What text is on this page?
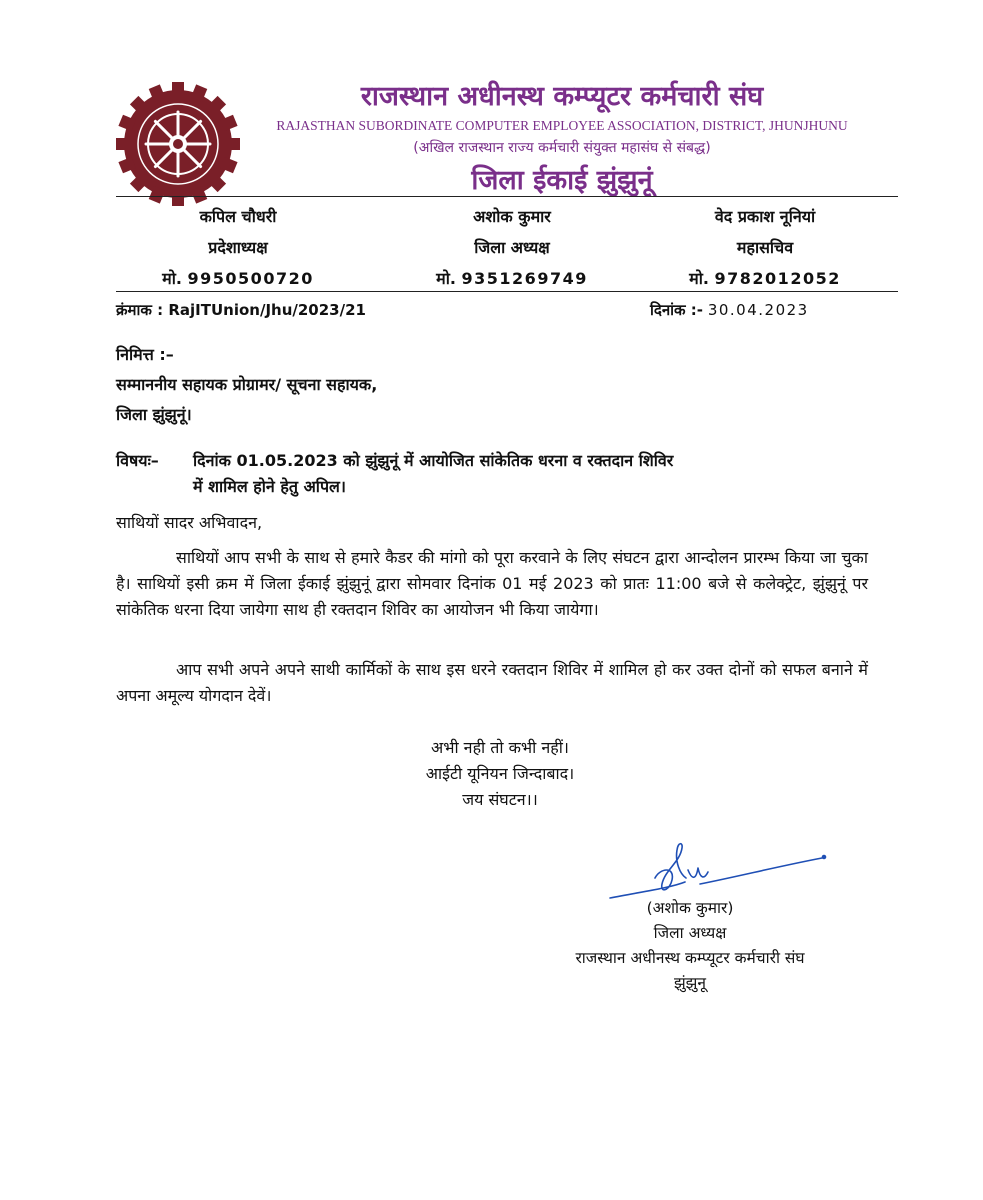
राजस्थान अधीनस्थ कम्प्यूटर कर्मचारी संघ
RAJASTHAN SUBORDINATE COMPUTER EMPLOYEE ASSOCIATION, DISTRICT, JHUNJHUNU
(अखिल राजस्थान राज्य कर्मचारी संयुक्त महासंघ से संबद्ध)
जिला ईकाई झुंझुनूं
कपिल चौधरी
प्रदेशाध्यक्ष
मो. 9950500720
अशोक कुमार
जिला अध्यक्ष
मो. 9351269749
वेद प्रकाश नूनियां
महासचिव
मो. 9782012052
क्रंमाक : RajITUnion/Jhu/2023/21	दिनांक :- 30.04.2023
निमित्त :–
सम्माननीय सहायक प्रोग्रामर/ सूचना सहायक,
जिला झुंझुनूं।
विषयः– दिनांक 01.05.2023 को झुंझुनूं में आयोजित सांकेतिक धरना व रक्तदान शिविर
में शामिल होने हेतु अपिल।
साथियों सादर अभिवादन,
साथियों आप सभी के साथ से हमारे कैडर की मांगो को पूरा करवाने के लिए संघटन द्वारा आन्दोलन प्रारम्भ किया जा चुका है। साथियों इसी क्रम में जिला ईकाई झुंझुनूं द्वारा सोमवार दिनांक 01 मई 2023 को प्रातः 11:00 बजे से कलेक्ट्रेट, झुंझुनूं पर सांकेतिक धरना दिया जायेगा साथ ही रक्तदान शिविर का आयोजन भी किया जायेगा।
आप सभी अपने अपने साथी कार्मिकों के साथ इस धरने रक्तदान शिविर में शामिल हो कर उक्त दोनों को सफल बनाने में अपना अमूल्य योगदान देवें।
अभी नही तो कभी नहीं।
आईटी यूनियन जिन्दाबाद।
जय संघटन।।
(अशोक कुमार)
जिला अध्यक्ष
राजस्थान अधीनस्थ कम्प्यूटर कर्मचारी संघ
झुंझुनू
